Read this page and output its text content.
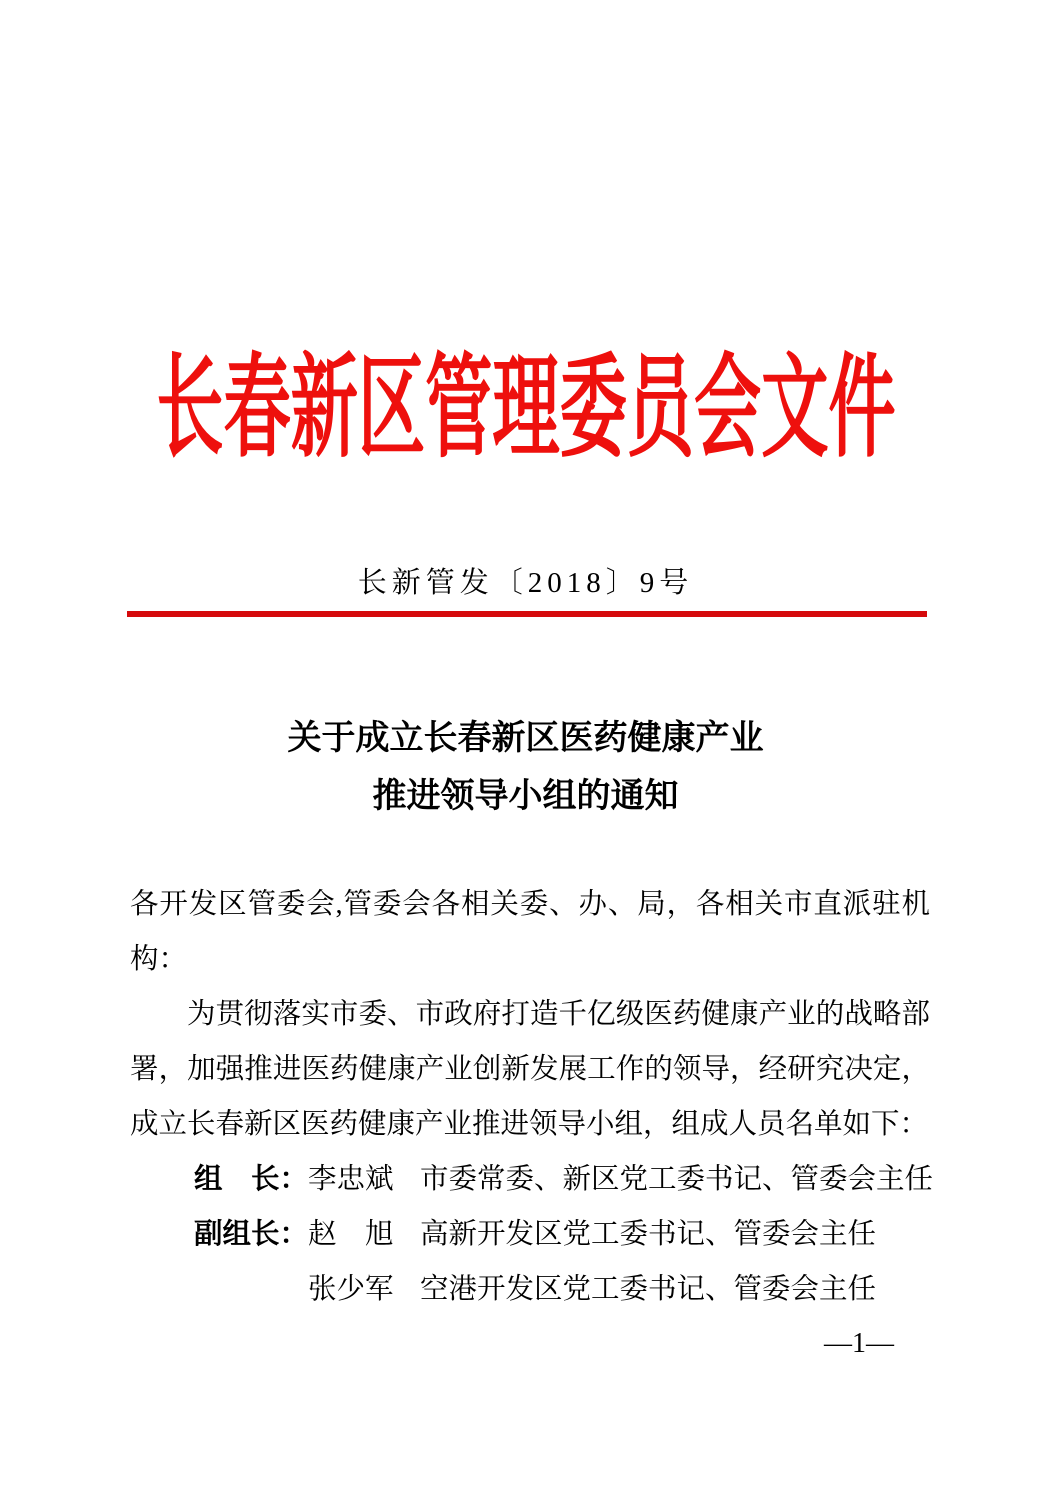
长春新区管理委员会文件
长新管发〔2018〕9号
关于成立长春新区医药健康产业
推进领导小组的通知
各开发区管委会,管委会各相关委、办、局，各相关市直派驻机构：
为贯彻落实市委、市政府打造千亿级医药健康产业的战略部署，加强推进医药健康产业创新发展工作的领导，经研究决定，成立长春新区医药健康产业推进领导小组，组成人员名单如下：
组　长： 李忠斌 市委常委、新区党工委书记、管委会主任
副组长： 赵　旭 高新开发区党工委书记、管委会主任
张少军 空港开发区党工委书记、管委会主任
—1—
